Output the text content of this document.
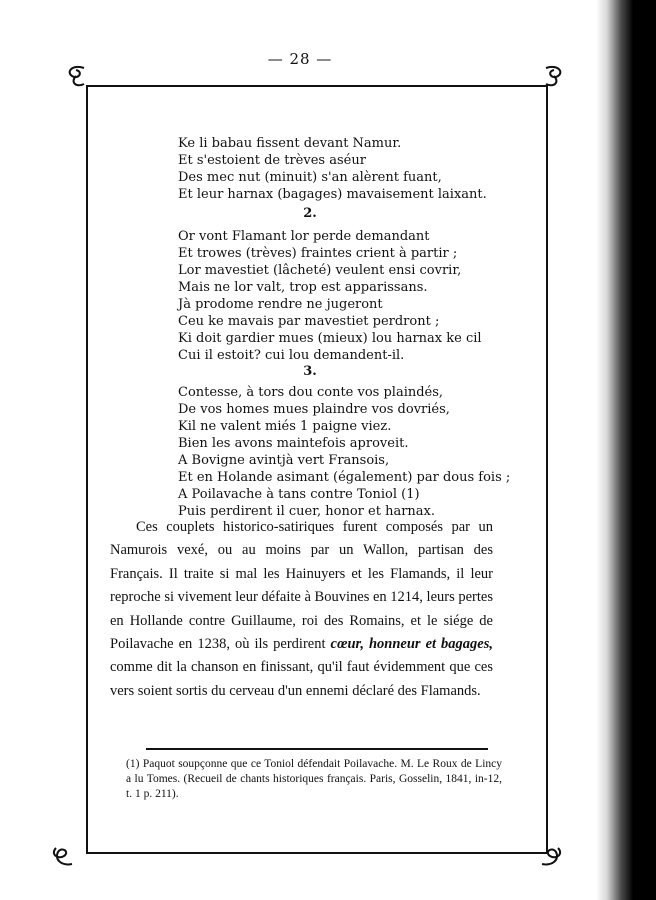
— 28 —
Ke li babau fissent devant Namur.
Et s'estoient de trèves aséur
Des mec nut (minuit) s'an alèrent fuant,
Et leur harnax (bagages) mavaisement laixant.
2.
Or vont Flamant lor perde demandant
Et trowes (trèves) fraintes crient à partir ;
Lor mavestiet (lâcheté) veulent ensi covrir,
Mais ne lor valt, trop est apparissans.
Jà prodome rendre ne jugeront
Ceu ke mavais par mavestiet perdront ;
Ki doit gardier mues (mieux) lou harnax ke cil
Cui il estoit? cui lou demandent-il.
3.
Contesse, à tors dou conte vos plaindés,
De vos homes mues plaindre vos dovriés,
Kil ne valent miés 1 paigne viez.
Bien les avons maintefois aproveit.
A Bovigne avintjà vert Fransois,
Et en Holande asimant (également) par dous fois ;
A Poilavache à tans contre Toniol (1)
Puis perdirent il cuer, honor et harnax.

Ces couplets historico-satiriques furent composés par un Namurois vexé, ou au moins par un Wallon, partisan des Français. Il traite si mal les Hainuyers et les Flamands, il leur reproche si vivement leur défaite à Bouvines en 1214, leurs pertes en Hollande contre Guillaume, roi des Romains, et le siége de Poilavache en 1238, où ils perdirent cœur, honneur et bagages, comme dit la chanson en finissant, qu'il faut évidemment que ces vers soient sortis du cerveau d'un ennemi déclaré des Flamands.

(1) Paquot soupçonne que ce Toniol défendait Poilavache. M. Le Roux de Lincy a lu Tomes. (Recueil de chants historiques français. Paris, Gosselin, 1841, in-12, t. 1 p. 211).
